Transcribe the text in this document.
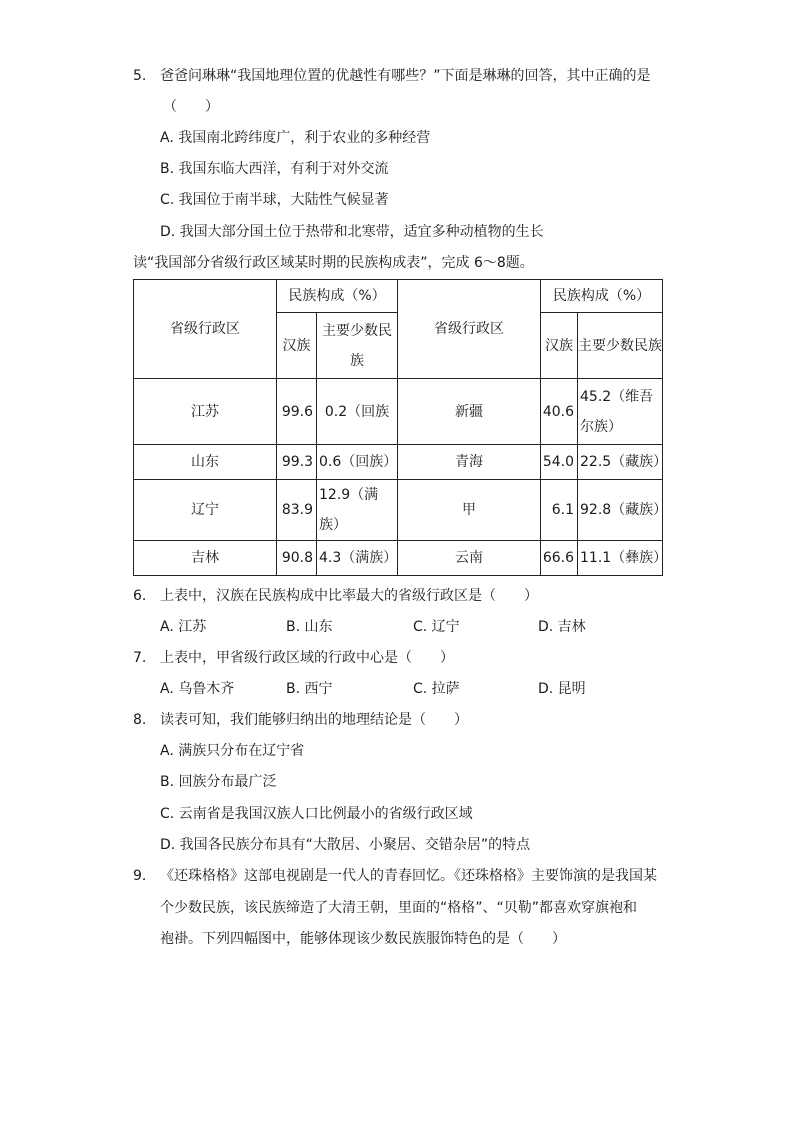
5. 爸爸问琳琳“我国地理位置的优越性有哪些？”下面是琳琳的回答，其中正确的是
（　　）
A. 我国南北跨纬度广，利于农业的多种经营
B. 我国东临大西洋，有利于对外交流
C. 我国位于南半球，大陆性气候显著
D. 我国大部分国土位于热带和北寒带，适宜多种动植物的生长
读“我国部分省级行政区域某时期的民族构成表”，完成 6～8题。
省级行政区	民族构成（%）		省级行政区	民族构成（%）	
	汉族	主要少数民族		汉族	主要少数民族
江苏	99.6	0.2（回族	新疆	40.6	45.2（维吾尔族）
山东	99.3	0.6（回族）	青海	54.0	22.5（藏族）
辽宁	83.9	12.9（满族）	甲	6.1	92.8（藏族）
吉林	90.8	4.3（满族）	云南	66.6	11.1（彝族）
6. 上表中，汉族在民族构成中比率最大的省级行政区是（　　）
A. 江苏	B. 山东	C. 辽宁	D. 吉林
7. 上表中，甲省级行政区域的行政中心是（　　）
A. 乌鲁木齐	B. 西宁	C. 拉萨	D. 昆明
8. 读表可知，我们能够归纳出的地理结论是（　　）
A. 满族只分布在辽宁省
B. 回族分布最广泛
C. 云南省是我国汉族人口比例最小的省级行政区域
D. 我国各民族分布具有“大散居、小聚居、交错杂居”的特点
9. 《还珠格格》这部电视剧是一代人的青春回忆。《还珠格格》主要饰演的是我国某
个少数民族，该民族缔造了大清王朝，里面的“格格”、“贝勒”都喜欢穿旗袍和
袍褂。下列四幅图中，能够体现该少数民族服饰特色的是（　　）
